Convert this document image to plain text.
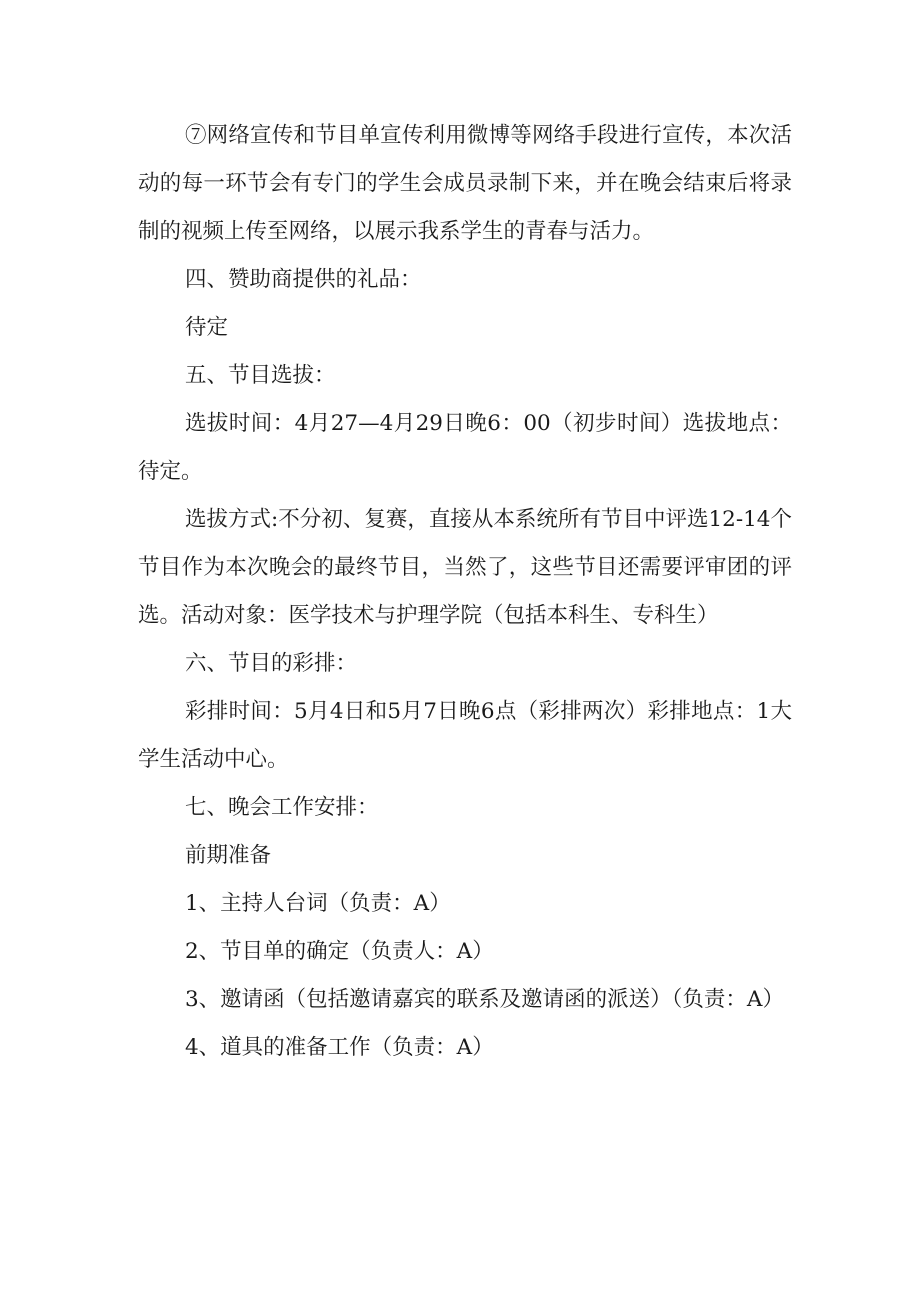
⑦网络宣传和节目单宣传利用微博等网络手段进行宣传，本次活动的每一环节会有专门的学生会成员录制下来，并在晚会结束后将录制的视频上传至网络，以展示我系学生的青春与活力。

四、赞助商提供的礼品：

待定

五、节目选拔：

选拔时间：4月27—4月29日晚6：00（初步时间）选拔地点：待定。

选拔方式:不分初、复赛，直接从本系统所有节目中评选12-14个节目作为本次晚会的最终节目，当然了，这些节目还需要评审团的评选。活动对象：医学技术与护理学院（包括本科生、专科生）

六、节目的彩排：

彩排时间：5月4日和5月7日晚6点（彩排两次）彩排地点：1大学生活动中心。

七、晚会工作安排：

前期准备

1、主持人台词（负责：A）

2、节目单的确定（负责人：A）

3、邀请函（包括邀请嘉宾的联系及邀请函的派送）（负责：A）

4、道具的准备工作（负责：A）
